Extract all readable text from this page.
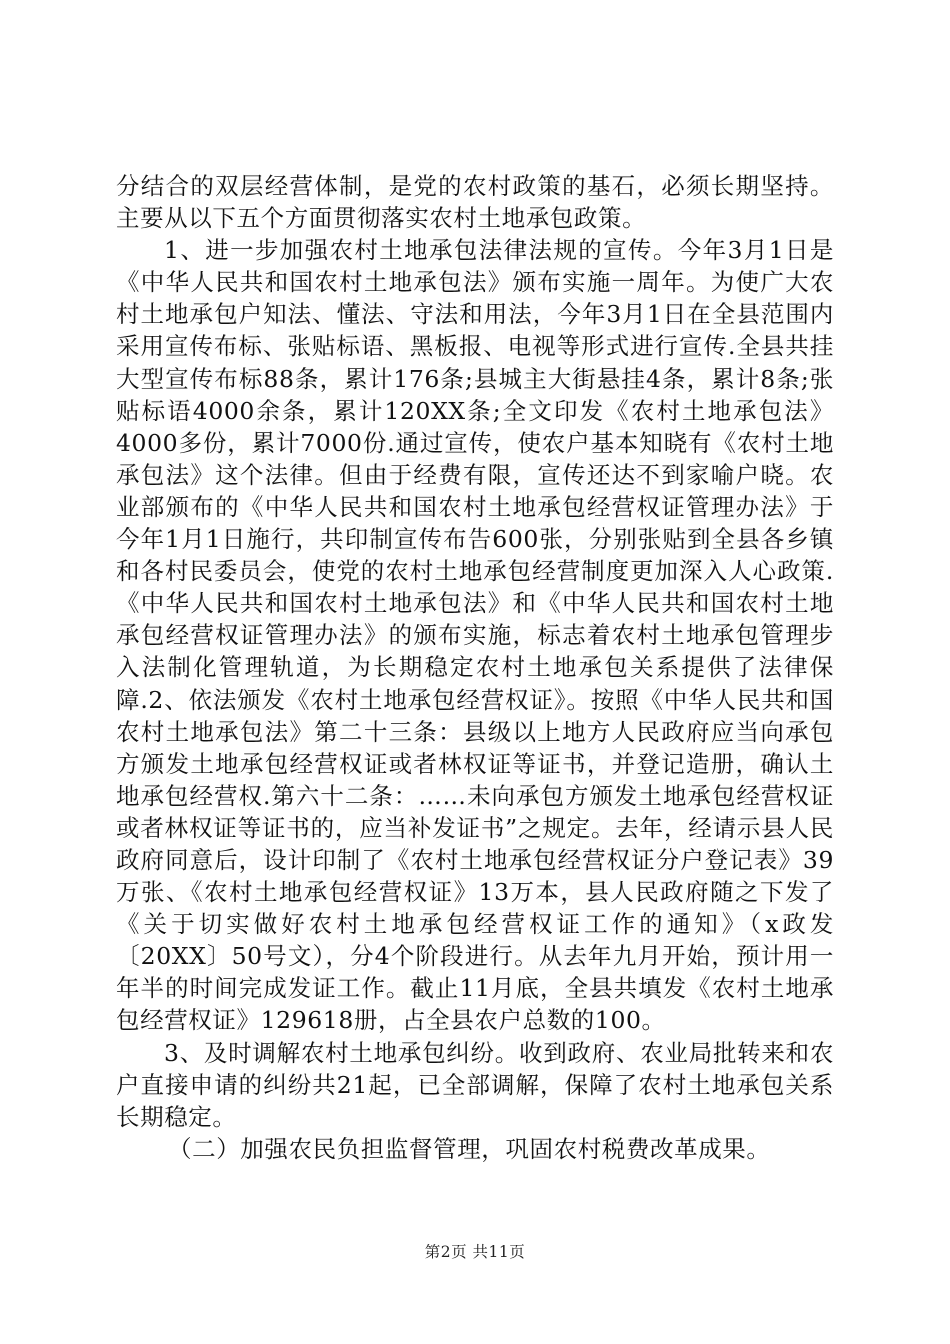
分结合的双层经营体制，是党的农村政策的基石，必须长期坚持。主要从以下五个方面贯彻落实农村土地承包政策。

1、进一步加强农村土地承包法律法规的宣传。今年3月1日是《中华人民共和国农村土地承包法》颁布实施一周年。为使广大农村土地承包户知法、懂法、守法和用法，今年3月1日在全县范围内采用宣传布标、张贴标语、黑板报、电视等形式进行宣传.全县共挂大型宣传布标88条，累计176条;县城主大街悬挂4条，累计8条;张贴标语4000余条，累计120XX条;全文印发《农村土地承包法》4000多份，累计7000份.通过宣传，使农户基本知晓有《农村土地承包法》这个法律。但由于经费有限，宣传还达不到家喻户晓。农业部颁布的《中华人民共和国农村土地承包经营权证管理办法》于今年1月1日施行，共印制宣传布告600张，分别张贴到全县各乡镇和各村民委员会，使党的农村土地承包经营制度更加深入人心政策.《中华人民共和国农村土地承包法》和《中华人民共和国农村土地承包经营权证管理办法》的颁布实施，标志着农村土地承包管理步入法制化管理轨道，为长期稳定农村土地承包关系提供了法律保障.2、依法颁发《农村土地承包经营权证》。按照《中华人民共和国农村土地承包法》第二十三条：县级以上地方人民政府应当向承包方颁发土地承包经营权证或者林权证等证书，并登记造册，确认土地承包经营权.第六十二条：……未向承包方颁发土地承包经营权证或者林权证等证书的，应当补发证书”之规定。去年，经请示县人民政府同意后，设计印制了《农村土地承包经营权证分户登记表》39万张、《农村土地承包经营权证》13万本，县人民政府随之下发了《关于切实做好农村土地承包经营权证工作的通知》（x政发〔20XX〕50号文），分4个阶段进行。从去年九月开始，预计用一年半的时间完成发证工作。截止11月底，全县共填发《农村土地承包经营权证》129618册，占全县农户总数的100。

3、及时调解农村土地承包纠纷。收到政府、农业局批转来和农户直接申请的纠纷共21起，已全部调解，保障了农村土地承包关系长期稳定。

（二）加强农民负担监督管理，巩固农村税费改革成果。

第2页 共11页
